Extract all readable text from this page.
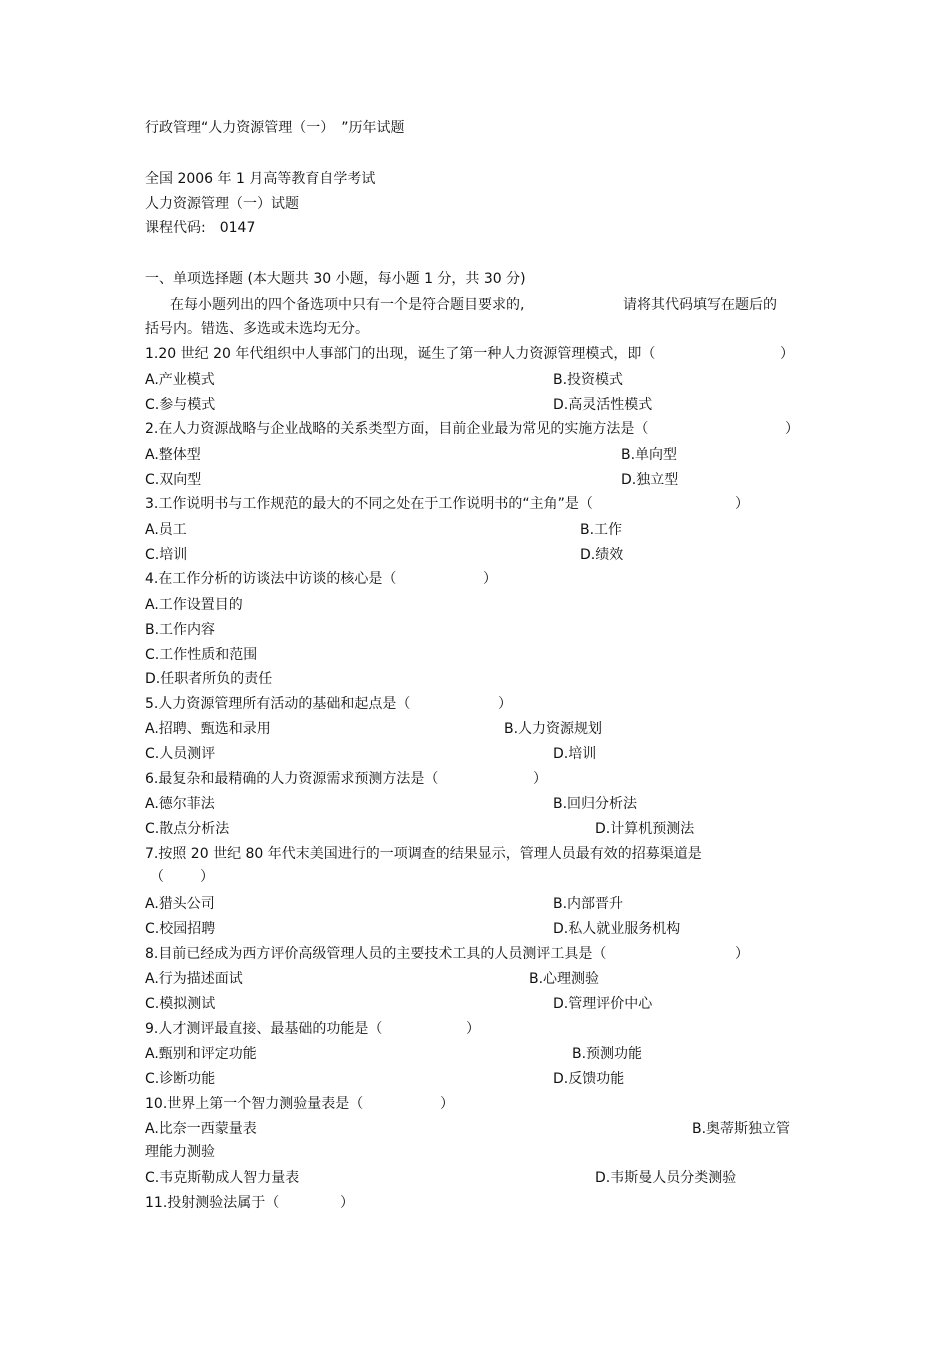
行政管理“人力资源管理（一）　”历年试题
全国 2006 年 1 月高等教育自学考试
人力资源管理（一）试题
课程代码:　0147
一、单项选择题 (本大题共 30 小题，每小题 1 分，共 30 分)
在每小题列出的四个备选项中只有一个是符合题目要求的,	请将其代码填写在题后的
括号内。错选、多选或未选均无分。
1.20 世纪 20 年代组织中人事部门的出现，诞生了第一种人力资源管理模式，即（	）
A.产业模式	B.投资模式
C.参与模式	D.高灵活性模式
2.在人力资源战略与企业战略的关系类型方面，目前企业最为常见的实施方法是（	）
A.整体型	B.单向型
C.双向型	D.独立型
3.工作说明书与工作规范的最大的不同之处在于工作说明书的“主角”是（	）
A.员工	B.工作
C.培训	D.绩效
4.在工作分析的访谈法中访谈的核心是（	）
A.工作设置目的
B.工作内容
C.工作性质和范围
D.任职者所负的责任
5.人力资源管理所有活动的基础和起点是（	）
A.招聘、甄选和录用	B.人力资源规划
C.人员测评	D.培训
6.最复杂和最精确的人力资源需求预测方法是（	）
A.德尔菲法	B.回归分析法
C.散点分析法	D.计算机预测法
7.按照 20 世纪 80 年代末美国进行的一项调查的结果显示，管理人员最有效的招募渠道是
（	）
A.猎头公司	B.内部晋升
C.校园招聘	D.私人就业服务机构
8.目前已经成为西方评价高级管理人员的主要技术工具的人员测评工具是（	）
A.行为描述面试	B.心理测验
C.模拟测试	D.管理评价中心
9.人才测评最直接、最基础的功能是（	）
A.甄别和评定功能	B.预测功能
C.诊断功能	D.反馈功能
10.世界上第一个智力测验量表是（	）
A.比奈一西蒙量表	B.奥蒂斯独立管
理能力测验
C.韦克斯勒成人智力量表	D.韦斯曼人员分类测验
11.投射测验法属于（	）
